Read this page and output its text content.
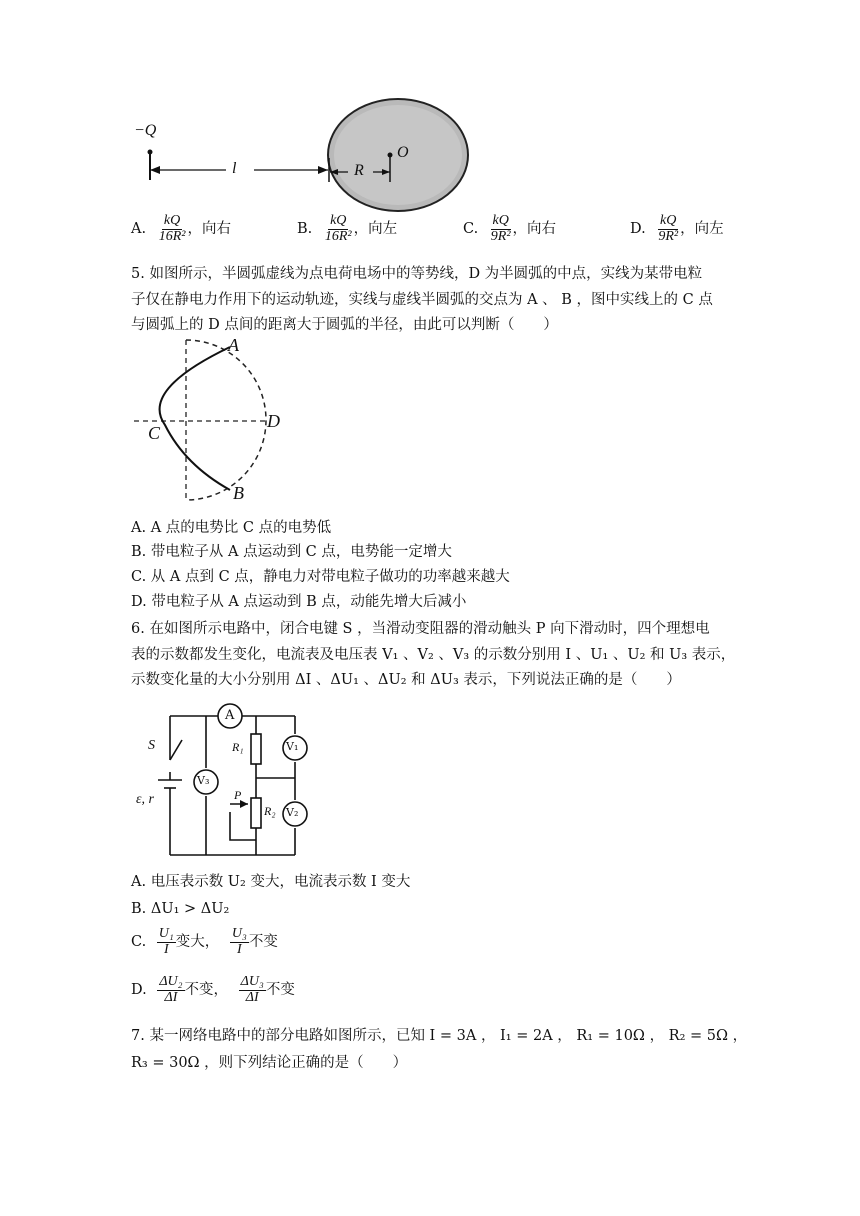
−Q
l	R
O
A. $\frac{kQ}{\text{16R²}}$ ，向右	B. $\frac{kQ}{\text{16R²}}$ ，向左	C. $\frac{kQ}{\text{9R²}}$ ，向右	D. $\frac{kQ}{\text{9R²}}$ ，向左
5. 如图所示，半圆弧虚线为点电荷电场中的等势线，D 为半圆弧的中点，实线为某带电粒
子仅在静电力作用下的运动轨迹，实线与虚线半圆弧的交点为 A 、 B ，图中实线上的 C 点
与圆弧上的 D 点间的距离大于圆弧的半径，由此可以判断（　　）
A
B
C
D
A. A 点的电势比 C 点的电势低
B. 带电粒子从 A 点运动到 C 点，电势能一定增大
C. 从 A 点到 C 点，静电力对带电粒子做功的功率越来越大
D. 带电粒子从 A 点运动到 B 点，动能先增大后减小
6. 在如图所示电路中，闭合电键 S ，当滑动变阻器的滑动触头 P 向下滑动时，四个理想电
表的示数都发生变化，电流表及电压表 V₁ 、V₂ 、V₃ 的示数分别用 I 、U₁ 、U₂ 和 U₃ 表示，
示数变化量的大小分别用 ΔI 、ΔU₁ 、ΔU₂ 和 ΔU₃ 表示，下列说法正确的是（　　）
A
S	R₁
R₂
P
V₁
V₂
V₃
ε, r
A. 电压表示数 U₂ 变大，电流表示数 I 变大
B. ΔU₁ > ΔU₂
C. $\frac{\text{U₁}}{I}$ 变大， $\frac{\text{U₃}}{I}$ 不变
D. $\frac{\text{ΔU₂}}{\Delta I}$ 不变， $\frac{\text{ΔU₃}}{\Delta I}$ 不变
7. 某一网络电路中的部分电路如图所示，已知 I = 3A ， I₁ = 2A ， R₁ = 10Ω ， R₂ = 5Ω ，
R₃ = 30Ω ，则下列结论正确的是（　　）
